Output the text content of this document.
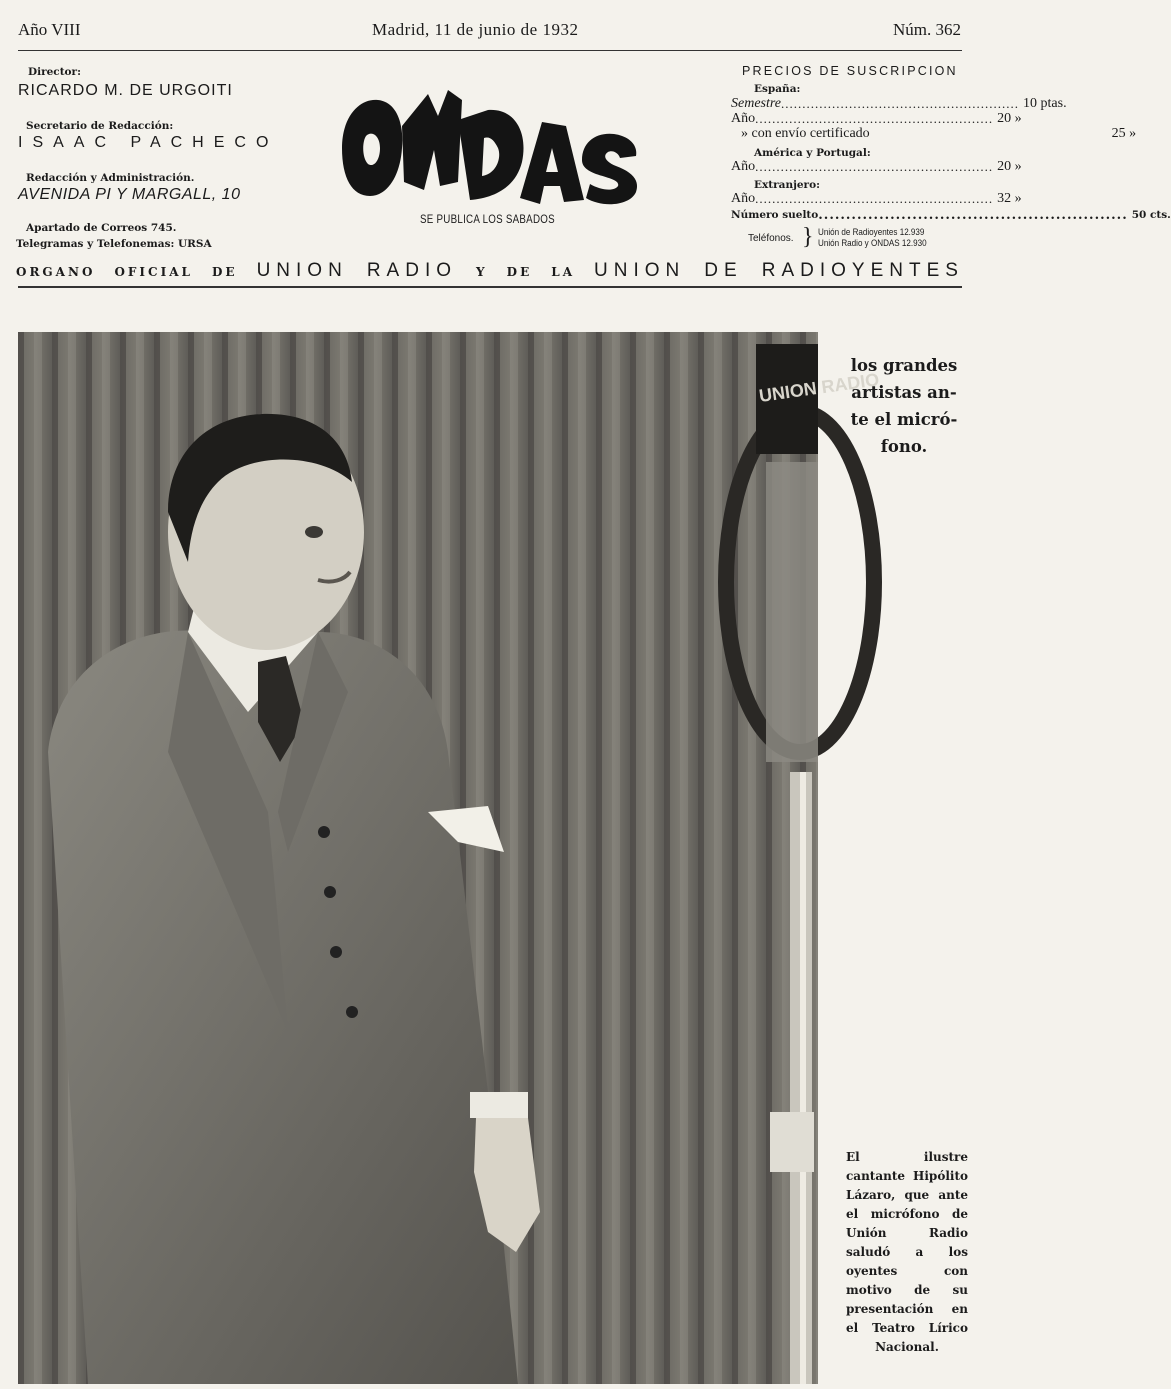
Año VIII	Madrid, 11 de junio de 1932	Núm. 362
Director:
RICARDO M. DE URGOITI
Secretario de Redacción:
ISAAC PACHECO
Redacción y Administración.
AVENIDA PI Y MARGALL, 10
Apartado de Correos 745.
Telegramas y Telefonemas: URSA
SE PUBLICA LOS SABADOS
PRECIOS DE SUSCRIPCION
España:
Semestre .....	10 ptas.
Año .....	20 »
» con envío certificado	25 »
América y Portugal:
Año .....	20 »
Extranjero:
Año .....	32 »
Número suelto .....	50 cts.
Teléfonos. } Unión de Radioyentes 12.939
Unión Radio y ONDAS 12.930
ORGANO OFICIAL DE UNION RADIO Y DE LA UNION DE RADIOYENTES
UNION RADIO
los grandes
artistas an-
te el micró-
fono.
El ilustre cantante Hipólito Lázaro, que ante el micrófono de Unión Radio saludó a los oyentes con motivo de su presentación en el Teatro Lírico Nacional.
